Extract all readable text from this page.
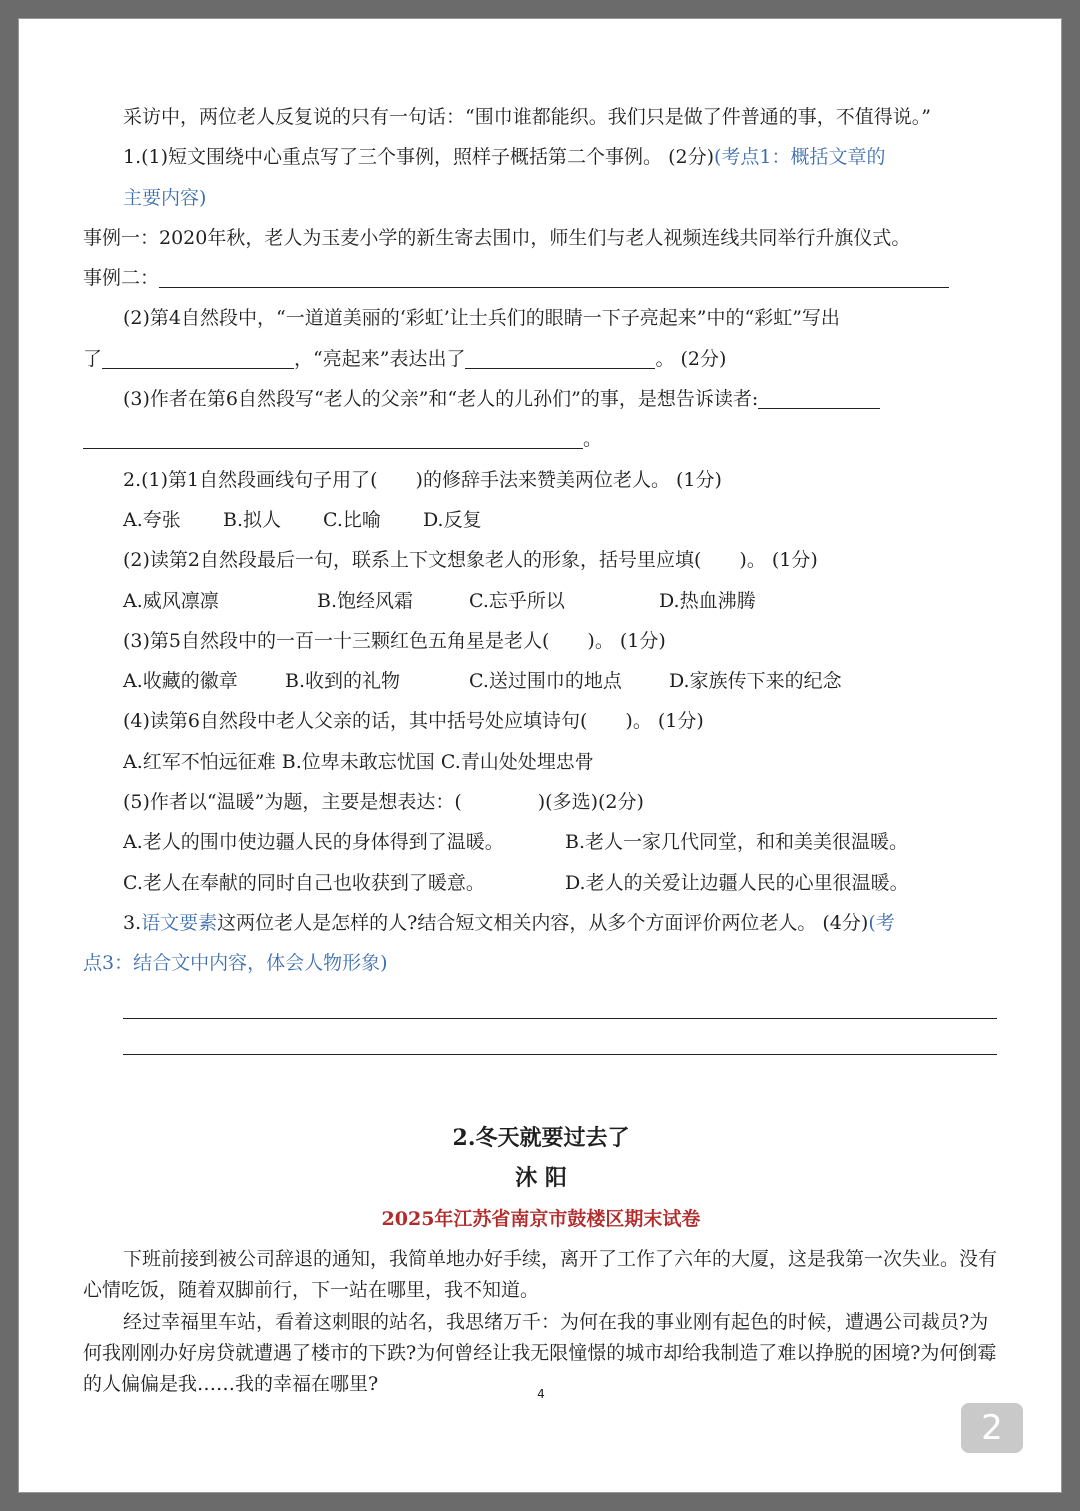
采访中，两位老人反复说的只有一句话：“围巾谁都能织。我们只是做了件普通的事，不值得说。”
1.(1)短文围绕中心重点写了三个事例，照样子概括第二个事例。 (2分)(考点1：概括文章的
主要内容)
事例一：2020年秋，老人为玉麦小学的新生寄去围巾，师生们与老人视频连线共同举行升旗仪式。
事例二：
(2)第4自然段中，“一道道美丽的‘彩虹’让士兵们的眼睛一下子亮起来”中的“彩虹”写出
了	，“亮起来”表达出了	。 (2分)
(3)作者在第6自然段写“老人的父亲”和“老人的儿孙们”的事，是想告诉读者:
。
2.(1)第1自然段画线句子用了(　　)的修辞手法来赞美两位老人。 (1分)
A.夸张 B.拟人 C.比喻 D.反复
(2)读第2自然段最后一句，联系上下文想象老人的形象，括号里应填(　　)。 (1分)
A.威风凛凛	B.饱经风霜	C.忘乎所以	D.热血沸腾
(3)第5自然段中的一百一十三颗红色五角星是老人(　　)。 (1分)
A.收藏的徽章 B.收到的礼物	C.送过围巾的地点 D.家族传下来的纪念
(4)读第6自然段中老人父亲的话，其中括号处应填诗句(　　)。 (1分)
A.红军不怕远征难 B.位卑未敢忘忧国 C.青山处处埋忠骨
(5)作者以“温暖”为题，主要是想表达：(　　　　)(多选)(2分)
A.老人的围巾使边疆人民的身体得到了温暖。	B.老人一家几代同堂，和和美美很温暖。
C.老人在奉献的同时自己也收获到了暖意。	D.老人的关爱让边疆人民的心里很温暖。
3.语文要素这两位老人是怎样的人?结合短文相关内容，从多个方面评价两位老人。 (4分)(考
点3：结合文中内容，体会人物形象)
2.冬天就要过去了
沐 阳
2025年江苏省南京市鼓楼区期末试卷
下班前接到被公司辞退的通知，我简单地办好手续，离开了工作了六年的大厦，这是我第一次失业。没有心情吃饭，随着双脚前行，下一站在哪里，我不知道。
经过幸福里车站，看着这刺眼的站名，我思绪万千：为何在我的事业刚有起色的时候，遭遇公司裁员?为何我刚刚办好房贷就遭遇了楼市的下跌?为何曾经让我无限憧憬的城市却给我制造了难以挣脱的困境?为何倒霉的人偏偏是我……我的幸福在哪里?	4
2
